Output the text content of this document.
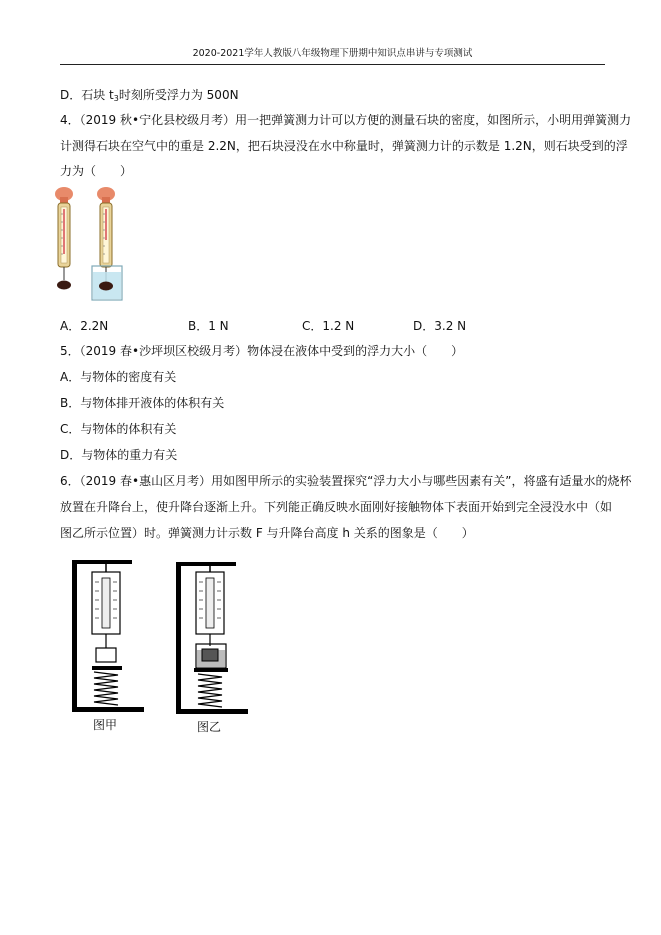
2020-2021学年人教版八年级物理下册期中知识点串讲与专项测试
D．石块 $t_3$时刻所受浮力为 500N
4．（2019 秋•宁化县校级月考）用一把弹簧测力计可以方便的测量石块的密度，如图所示，小明用弹簧测力
计测得石块在空气中的重是 2.2N，把石块浸没在水中称量时，弹簧测力计的示数是 1.2N，则石块受到的浮
力为（　　）
A．2.2N	B．1 N	C．1.2 N	D．3.2 N
5．（2019 春•沙坪坝区校级月考）物体浸在液体中受到的浮力大小（　　）
A．与物体的密度有关
B．与物体排开液体的体积有关
C．与物体的体积有关
D．与物体的重力有关
6．（2019 春•惠山区月考）用如图甲所示的实验装置探究“浮力大小与哪些因素有关”，将盛有适量水的烧杯
放置在升降台上，使升降台逐渐上升。下列能正确反映水面刚好接触物体下表面开始到完全浸没水中（如
图乙所示位置）时。弹簧测力计示数 F 与升降台高度 h 关系的图象是（　　）
图甲	图乙
